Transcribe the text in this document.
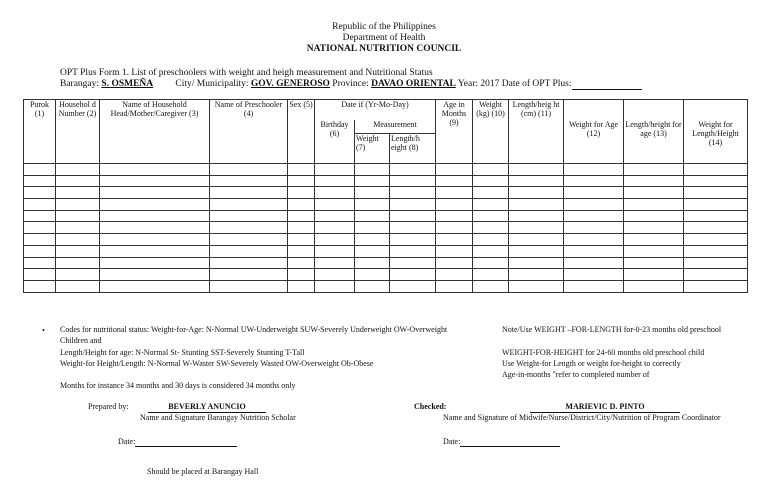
Republic of the Philippines
Department of Health
NATIONAL NUTRITION COUNCIL
OPT Plus Form 1. List of preschoolers with weight and heigh measurement and Nutritional Status
Barangay: S. OSMEÑA City/ Municipality: GOV. GENEROSO Province: DAVAO ORIENTAL Year: 2017 Date of OPT Plus:
Purok (1)	Househol d Number (2)	Name of Household Head/Mother/Caregiver (3)	Name of Preschooler (4)	Sex (5)	Date if (Yr-Mo-Day)			Age in Months (9)	Weight (kg) (10)	Length/heig ht (cm) (11)	Weight for Age (12)	Length/height for age (13)	Weight for Length/Height (14)
					Birthday (6)	Measurement							
						Weight (7)	Length/h eight (8)						

• Codes for nutritional status: Weight-for-Age: N-Normal UW-Underweight SUW-Severely Underweight OW-Overweight
Children and
Length/Height for age: N-Normal St- Stunting SST-Severely Stunting T-Tall
Weight-for Height/Length: N-Normal W-Waster SW-Severely Wasted OW-Overweight Ob-Obese
Months for instance 34 months and 30 days is considered 34 months only
Note/Use WEIGHT –FOR-LENGTH for-0-23 months old preschool
WEIGHT-FOR-HEIGHT for 24-60 months old preschool child
Use Weight-for Length or weight for-height to correctly
Age-in-months "refer to completed number of
Prepared by:	BEVERLY ANUNCIO
Name and Signature Barangay Nutrition Scholar
Checked:	MARIEVIC D. PINTO
Name and Signature of Midwife/Nurse/District/City/Nutrition of Program Coordinator
Date:	Date:
Should be placed at Barangay Hall
